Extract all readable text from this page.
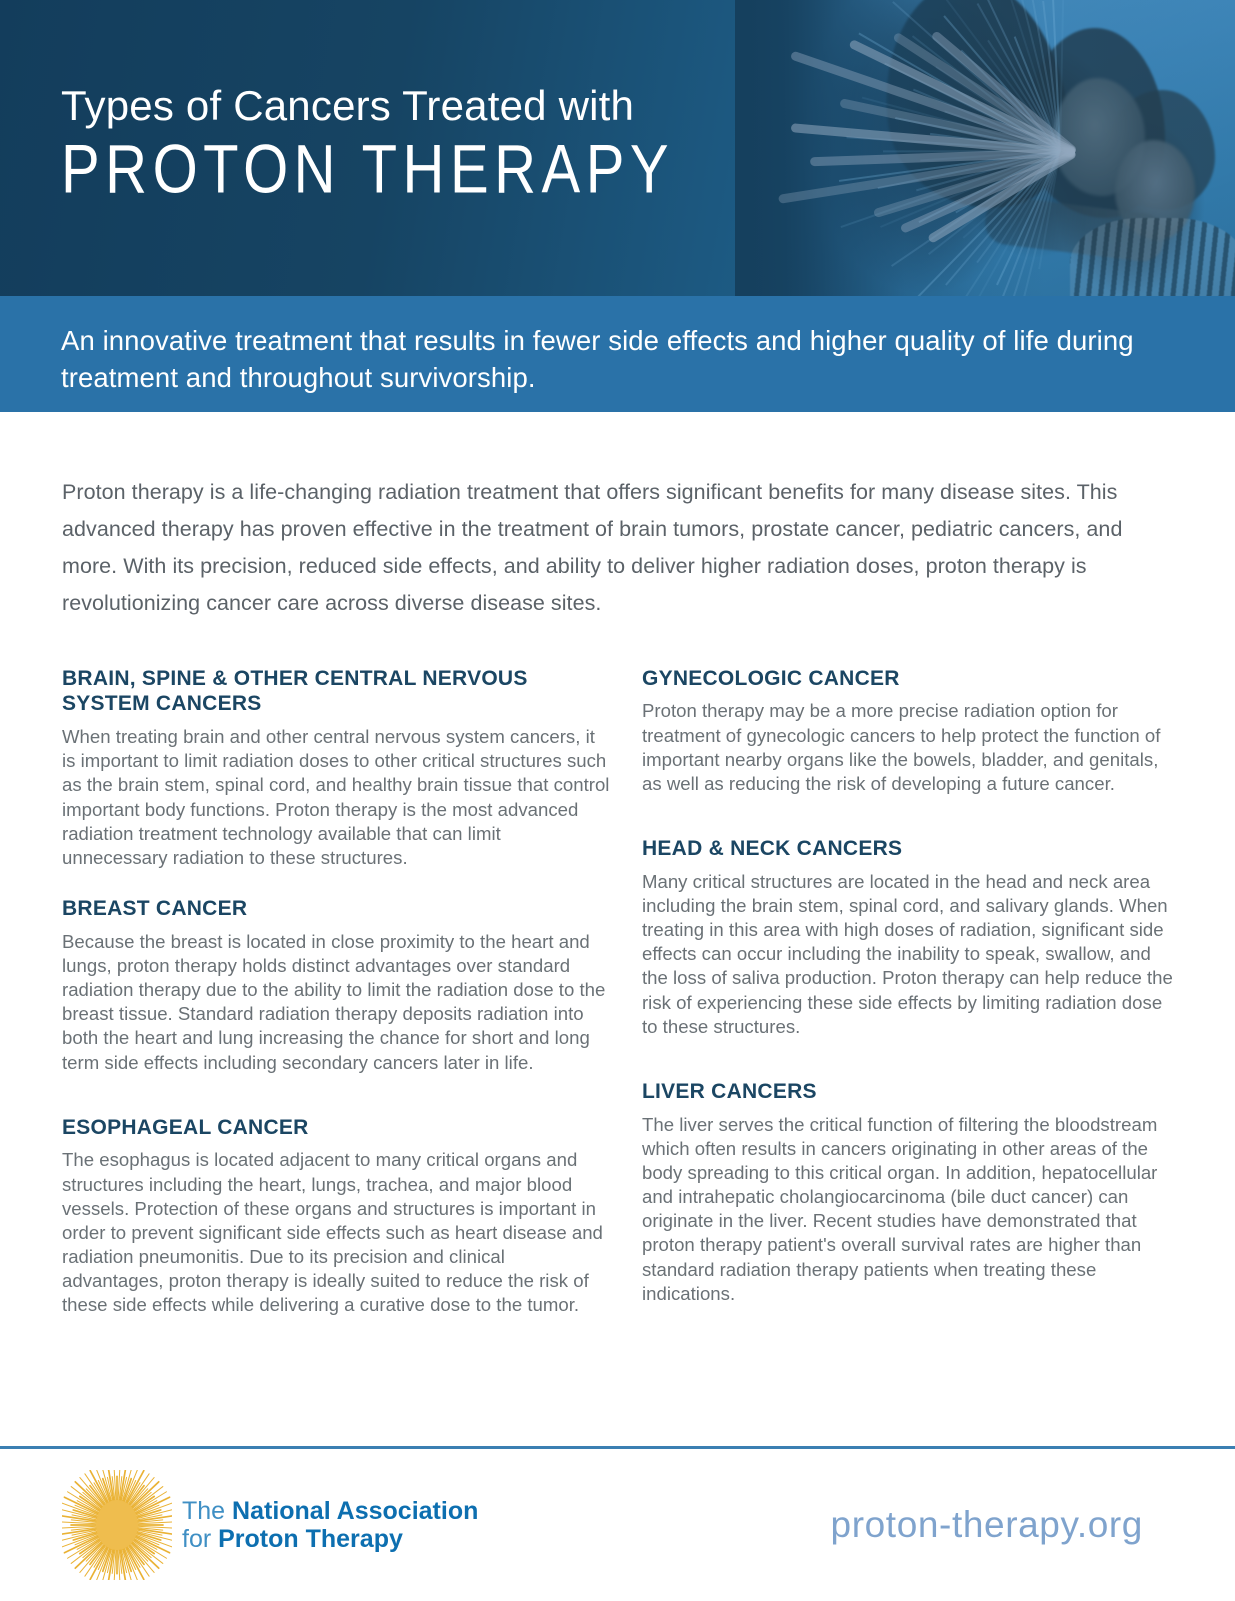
Types of Cancers Treated with
PROTON THERAPY
An innovative treatment that results in fewer side effects and higher quality of life during treatment and throughout survivorship.

Proton therapy is a life-changing radiation treatment that offers significant benefits for many disease sites. This advanced therapy has proven effective in the treatment of brain tumors, prostate cancer, pediatric cancers, and more. With its precision, reduced side effects, and ability to deliver higher radiation doses, proton therapy is revolutionizing cancer care across diverse disease sites.

BRAIN, SPINE & OTHER CENTRAL NERVOUS SYSTEM CANCERS

When treating brain and other central nervous system cancers, it is important to limit radiation doses to other critical structures such as the brain stem, spinal cord, and healthy brain tissue that control important body functions. Proton therapy is the most advanced radiation treatment technology available that can limit unnecessary radiation to these structures.

BREAST CANCER

Because the breast is located in close proximity to the heart and lungs, proton therapy holds distinct advantages over standard radiation therapy due to the ability to limit the radiation dose to the breast tissue. Standard radiation therapy deposits radiation into both the heart and lung increasing the chance for short and long term side effects including secondary cancers later in life.

ESOPHAGEAL CANCER

The esophagus is located adjacent to many critical organs and structures including the heart, lungs, trachea, and major blood vessels. Protection of these organs and structures is important in order to prevent significant side effects such as heart disease and radiation pneumonitis. Due to its precision and clinical advantages, proton therapy is ideally suited to reduce the risk of these side effects while delivering a curative dose to the tumor.

GYNECOLOGIC CANCER

Proton therapy may be a more precise radiation option for treatment of gynecologic cancers to help protect the function of important nearby organs like the bowels, bladder, and genitals, as well as reducing the risk of developing a future cancer.

HEAD & NECK CANCERS

Many critical structures are located in the head and neck area including the brain stem, spinal cord, and salivary glands. When treating in this area with high doses of radiation, significant side effects can occur including the inability to speak, swallow, and the loss of saliva production. Proton therapy can help reduce the risk of experiencing these side effects by limiting radiation dose to these structures.

LIVER CANCERS

The liver serves the critical function of filtering the bloodstream which often results in cancers originating in other areas of the body spreading to this critical organ. In addition, hepatocellular and intrahepatic cholangiocarcinoma (bile duct cancer) can originate in the liver. Recent studies have demonstrated that proton therapy patient's overall survival rates are higher than standard radiation therapy patients when treating these indications.

The National Association
for Proton Therapy	proton-therapy.org
